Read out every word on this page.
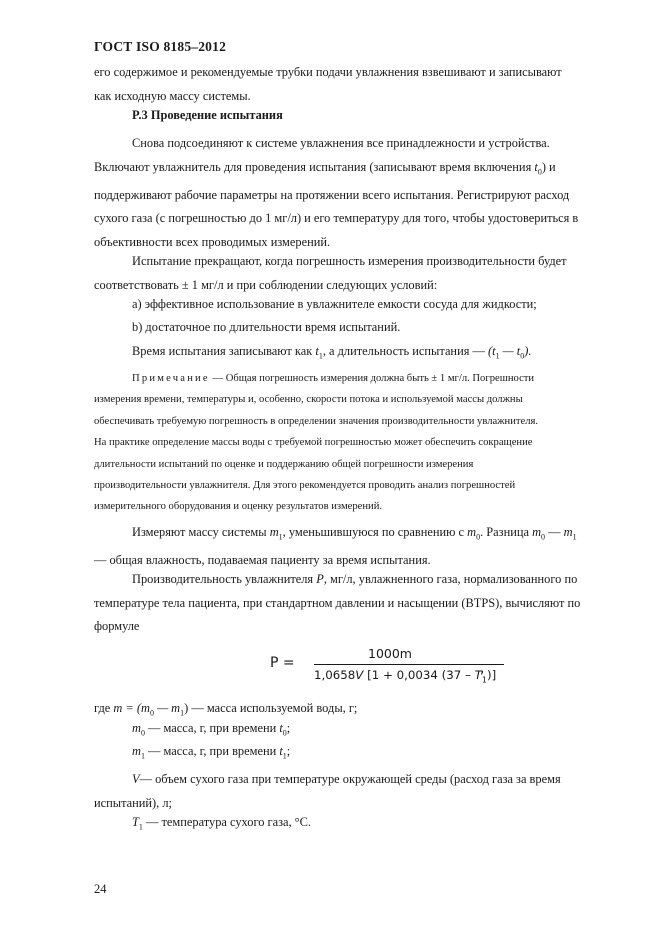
ГОСТ ISO 8185–2012

его содержимое и рекомендуемые трубки подачи увлажнения взвешивают и записывают

как исходную массу системы.

P.3 Проведение испытания

Снова подсоединяют к системе увлажнения все принадлежности и устройства.

Включают увлажнитель для проведения испытания (записывают время включения $t_0$) и

поддерживают рабочие параметры на протяжении всего испытания. Регистрируют расход

сухого газа (с погрешностью до 1 мг/л) и его температуру для того, чтобы удостовериться в

объективности всех проводимых измерений.

Испытание прекращают, когда погрешность измерения производительности будет

соответствовать ± 1 мг/л и при соблюдении следующих условий:

a) эффективное использование в увлажнителе емкости сосуда для жидкости;
b) достаточное по длительности время испытаний.
Время испытания записывают как $t_1$, а длительность испытания — ($t_1$ — $t_0$).

Примечание — Общая погрешность измерения должна быть ± 1 мг/л. Погрешности

измерения времени, температуры и, особенно, скорости потока и используемой массы должны

обеспечивать требуемую погрешность в определении значения производительности увлажнителя.

На практике определение массы воды с требуемой погрешностью может обеспечить сокращение

длительности испытаний по оценке и поддержанию общей погрешности измерения

производительности увлажнителя. Для этого рекомендуется проводить анализ погрешностей

измерительного оборудования и оценку результатов измерений.

Измеряют массу системы $m_1$, уменьшившуюся по сравнению с $m_0$. Разница $m_0$ — $m_1$

— общая влажность, подаваемая пациенту за время испытания.

Производительность увлажнителя P, мг/л, увлажненного газа, нормализованного по

температуре тела пациента, при стандартном давлении и насыщении (BTPS), вычисляют по

формуле

P =
1000m
1,0658V [1 + 0,0034 $(37 - T_1)$]
,
где $m = (m_0$ — $m_1$) — масса используемой воды, г;
$m_0$ — масса, г, при времени $t_0$;
$m_1$ — масса, г, при времени $t_1$;

V— объем сухого газа при температуре окружающей среды (расход газа за время

испытаний), л;

$T_1$ — температура сухого газа, °C.
24
